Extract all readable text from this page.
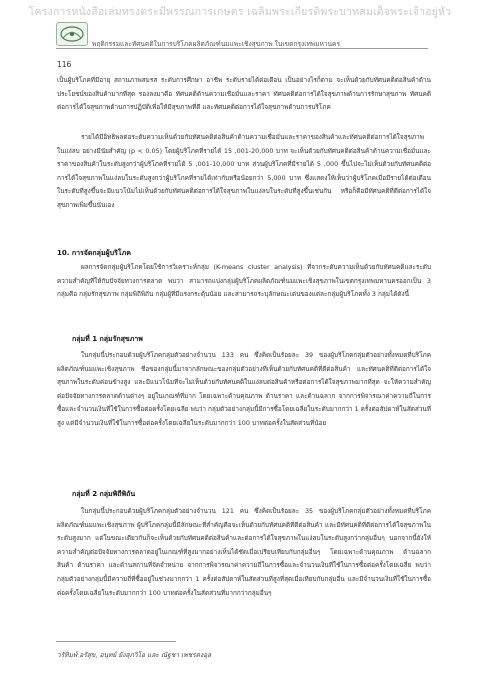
โครงการหนังสือเล่มทรงตระมีพรรณการเกษตร เฉลิมพระเกียรติพระบาทสมเด็จพระเจ้าอยู่หัว
พฤติกรรมและทัศนคติในการบริโภคผลิตภัณฑ์นมแพะเชิงสุขภาพ ในเขตกรุงเทพมหานคร
116
เป็นผู้บริโภคที่มีอายุ สถานภาพสมรส ระดับการศึกษา อาชีพ ระดับรายได้ต่อเดือน เป็นอย่างไรก็ตาม จะเห็นด้วยกับทัศนคติต่อสินค้าด้านประโยชน์ของสินค้ามากที่สุด รองลงมาคือ ทัศนคติด้านความเชื่อมั่นและราคา ทัศนคติต่อการได้ใจสุขภาพด้านการรักษาสุขภาพ ทัศนคติต่อการได้ใจสุขภาพด้านการปฏิบัติเพื่อให้มีสุขภาพที่ดี และทัศนคติต่อการได้ใจสุขภาพด้านการบริโภค
รายได้มีอิทธิพลต่อระดับความเห็นด้วยกับทัศนคติต่อสินค้าด้านความเชื่อมั่นและราคาของสินค้าและทัศนคติต่อการได้ใจสุขภาพในแง่ลบ อย่างมีนัยสำคัญ (p < 0.05) โดยผู้บริโภคที่รายได้ 15 ,001-20,000 บาท จะเห็นด้วยกับทัศนคติต่อสินค้าด้านความเชื่อมั่นและราคาของสินค้าในระดับสูงกว่าผู้บริโภคที่รายได้ 5 ,001-10,000 บาท ส่วนผู้บริโภคที่มีรายได้ 5 ,000 ขึ้นไปจะไม่เห็นด้วยกับทัศนคติต่อการได้ใจสุขภาพในแง่ลบในระดับสูงกว่าผู้บริโภคที่รายได้เท่ากับหรือน้อยกว่า 5,000 บาท ซึ่งแสดงให้เห็นว่าผู้บริโภคเมื่อมีรายได้ต่อเดือนในระดับที่สูงขึ้นจะมีแนวโน้มไม่เห็นด้วยกับทัศนคติต่อการได้ใจสุขภาพในแง่ลบในระดับที่สูงขึ้นเช่นกัน หรือก็คือมีทัศนคติที่ดีต่อการได้ใจสุขภาพเพิ่มขึ้นนั่นเอง
10. การจัดกลุ่มผู้บริโภค
ผลการจัดกลุ่มผู้บริโภคโดยใช้การวิเคราะห์กลุ่ม (K-means cluster analysis) ที่จากระดับความเห็นด้วยกับทัศนคติและระดับความสำคัญที่ให้กับปัจจัยทางการตลาด พบว่า สามารถแบ่งกลุ่มผู้บริโภคผลิตภัณฑ์นมแพะเชิงสุขภาพในเขตกรุงเทพมหานครออกเป็น 3 กลุ่มคือ กลุ่มรักสุขภาพ กลุ่มพิถีพิถัน กลุ่มผู้ที่มีแรงกระตุ้นน้อย และสามารถระบุลักษณะเด่นของแต่ละกลุ่มผู้บริโภคทั้ง 3 กลุ่มได้ดังนี้
กลุ่มที่ 1 กลุ่มรักสุขภาพ
ในกลุ่มนี้ประกอบด้วยผู้บริโภคกลุ่มตัวอย่างจำนวน 133 คน ซึ่งคิดเป็นร้อยละ 39 ของผู้บริโภคกลุ่มตัวอย่างทั้งหมดที่บริโภคผลิตภัณฑ์นมแพะเชิงสุขภาพ ชื่อของกลุ่มนี้มาจากลักษณะของกลุ่มตัวอย่างที่เห็นด้วยกับทัศนคติที่ดีต่อสินค้า และทัศนคติที่ดีต่อการได้ใจสุขภาพในระดับค่อนข้างสูง และมีแนวโน้มที่จะไม่เห็นด้วยกับทัศนคติในแง่ลบต่อสินค้าหรือต่อการได้ใจสุขภาพมากที่สุด จะให้ความสำคัญต่อปัจจัยทางการตลาดด้านต่างๆ อยู่ในเกณฑ์ที่มาก โดยเฉพาะด้านคุณภาพ ด้านราคา และด้านฉลาก จากการพิจารณาค่าความถี่ในการซื้อและจำนวนเงินที่ใช้ในการซื้อต่อครั้งโดยเฉลี่ย พบว่า กลุ่มตัวอย่างกลุ่มนี้มีการซื้อโดยเฉลี่ยในระดับมากกว่า 1 ครั้งต่อสัปดาห์ในสัดส่วนที่สูง แต่มีจำนวนเงินที่ใช้ในการซื้อต่อครั้งโดยเฉลี่ยในระดับมากกว่า 100 บาทต่อครั้งในสัดส่วนที่น้อย
กลุ่มที่ 2 กลุ่มพิถีพิถัน
ในกลุ่มนี้ประกอบด้วยผู้บริโภคกลุ่มตัวอย่างจำนวน 121 คน ซึ่งคิดเป็นร้อยละ 35 ของผู้บริโภคกลุ่มตัวอย่างทั้งหมดที่บริโภคผลิตภัณฑ์นมแพะเชิงสุขภาพ ผู้บริโภคกลุ่มนี้มีลักษณะที่สำคัญคือจะเห็นด้วยกับทัศนคติที่ดีต่อสินค้า และมีทัศนคติที่ดีต่อการได้ใจสุขภาพในระดับสูงมาก แต่ในขณะเดียวกันก็จะเห็นด้วยกับทัศนคติต่อสินค้าและต่อการได้ใจสุขภาพในแง่ลบในระดับสูงกว่ากลุ่มอื่นๆ นอกจากนี้ยังให้ความสำคัญต่อปัจจัยทางการตลาดอยู่ในเกณฑ์ที่สูงมากอย่างเห็นได้ชัดเมื่อเปรียบเทียบกับกลุ่มอื่นๆ โดยเฉพาะด้านคุณภาพ ด้านฉลากสินค้า ด้านราคา และด้านสถานที่จัดจำหน่าย จากการพิจารณาค่าความถี่ในการซื้อและจำนวนเงินที่ใช้ในการซื้อต่อครั้งโดยเฉลี่ย พบว่า กลุ่มตัวอย่างกลุ่มนี้มีความถี่ที่ซื้ออยู่ในช่วงมากกว่า 1 ครั้งต่อสัปดาห์ในสัดส่วนที่สูงที่สุดเมื่อเทียบกับกลุ่มอื่น และมีจำนวนเงินที่ใช้ในการซื้อต่อครั้งโดยเฉลี่ยในระดับมากกว่า 100 บาทต่อครั้งในสัดส่วนที่มากกว่ากลุ่มอื่นๆ
วรัทิมพ์ อรัสุข, อนุทย์ ยังสุภวิโอ และ ณัฐชา เพชรดงอุล
